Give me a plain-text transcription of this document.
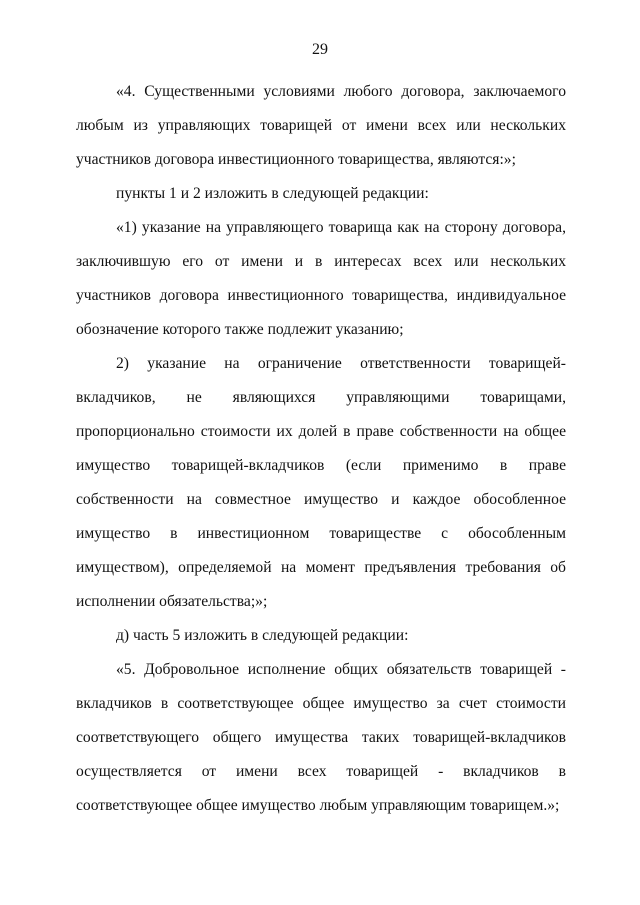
29

«4. Существенными условиями любого договора, заключаемого любым из управляющих товарищей от имени всех или нескольких участников договора инвестиционного товарищества, являются:»;

пункты 1 и 2 изложить в следующей редакции:

«1) указание на управляющего товарища как на сторону договора, заключившую его от имени и в интересах всех или нескольких участников договора инвестиционного товарищества, индивидуальное обозначение которого также подлежит указанию;

2) указание на ограничение ответственности товарищей-вкладчиков, не являющихся управляющими товарищами, пропорционально стоимости их долей в праве собственности на общее имущество товарищей-вкладчиков (если применимо в праве собственности на совместное имущество и каждое обособленное имущество в инвестиционном товариществе с обособленным имуществом), определяемой на момент предъявления требования об исполнении обязательства;»;

д) часть 5 изложить в следующей редакции:

«5. Добровольное исполнение общих обязательств товарищей - вкладчиков в соответствующее общее имущество за счет стоимости соответствующего общего имущества таких товарищей-вкладчиков осуществляется от имени всех товарищей - вкладчиков в соответствующее общее имущество любым управляющим товарищем.»;
